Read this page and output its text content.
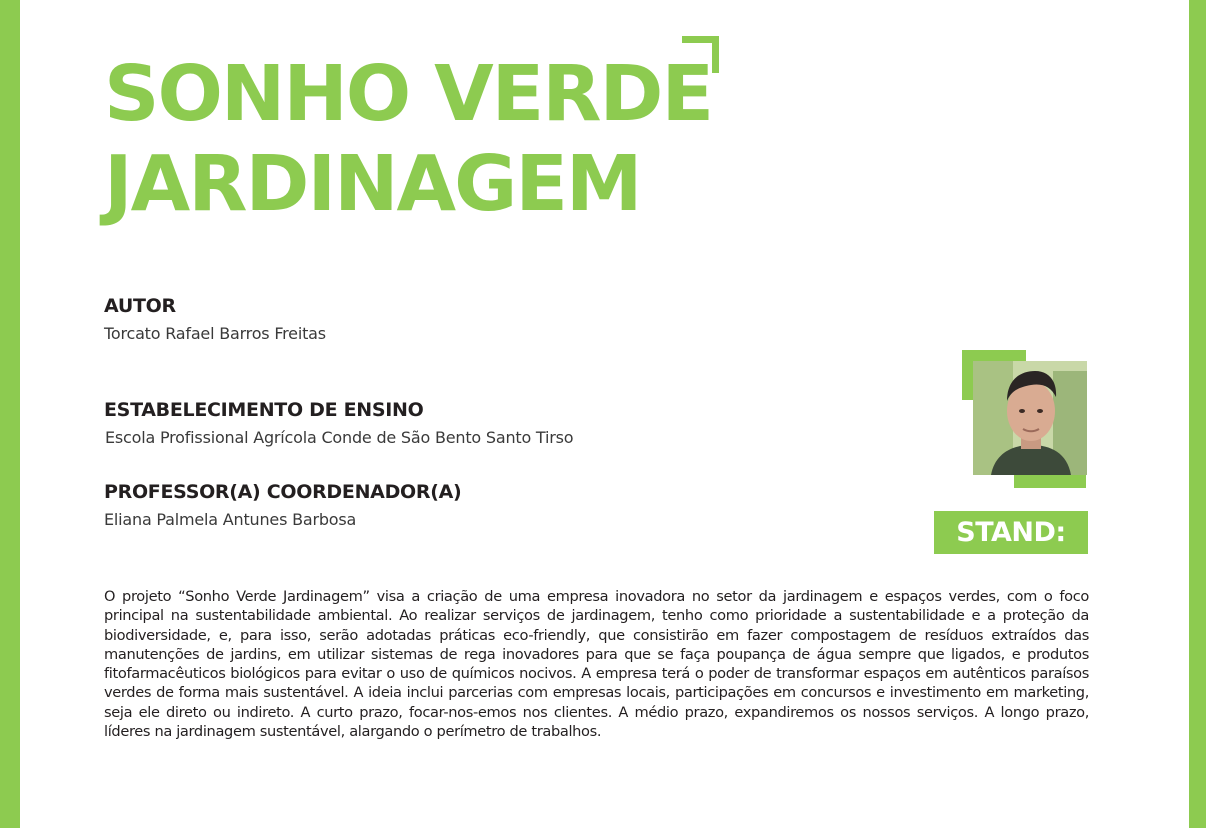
SONHO VERDE
JARDINAGEM
AUTOR

Torcato Rafael Barros Freitas

ESTABELECIMENTO DE ENSINO

Escola Profissional Agrícola Conde de São Bento Santo Tirso

PROFESSOR(A) COORDENADOR(A)

Eliana Palmela Antunes Barbosa	STAND: 19

O projeto “Sonho Verde Jardinagem” visa a criação de uma empresa inovadora no setor da jardinagem e espaços verdes, com o foco principal na sustentabilidade ambiental. Ao realizar serviços de jardinagem, tenho como prioridade a sustentabilidade e a proteção da biodiversidade, e, para isso, serão adotadas práticas eco-friendly, que consistirão em fazer compostagem de resíduos extraídos das manutenções de jardins, em utilizar sistemas de rega inovadores para que se faça poupança de água sempre que ligados, e produtos fitofarmacêuticos biológicos para evitar o uso de químicos nocivos. A empresa terá o poder de transformar espaços em autênticos paraísos verdes de forma mais sustentável. A ideia inclui parcerias com empresas locais, participações em concursos e investimento em marketing, seja ele direto ou indireto. A curto prazo, focar-nos-emos nos clientes. A médio prazo, expandiremos os nossos serviços. A longo prazo, líderes na jardinagem sustentável, alargando o perímetro de trabalhos.
